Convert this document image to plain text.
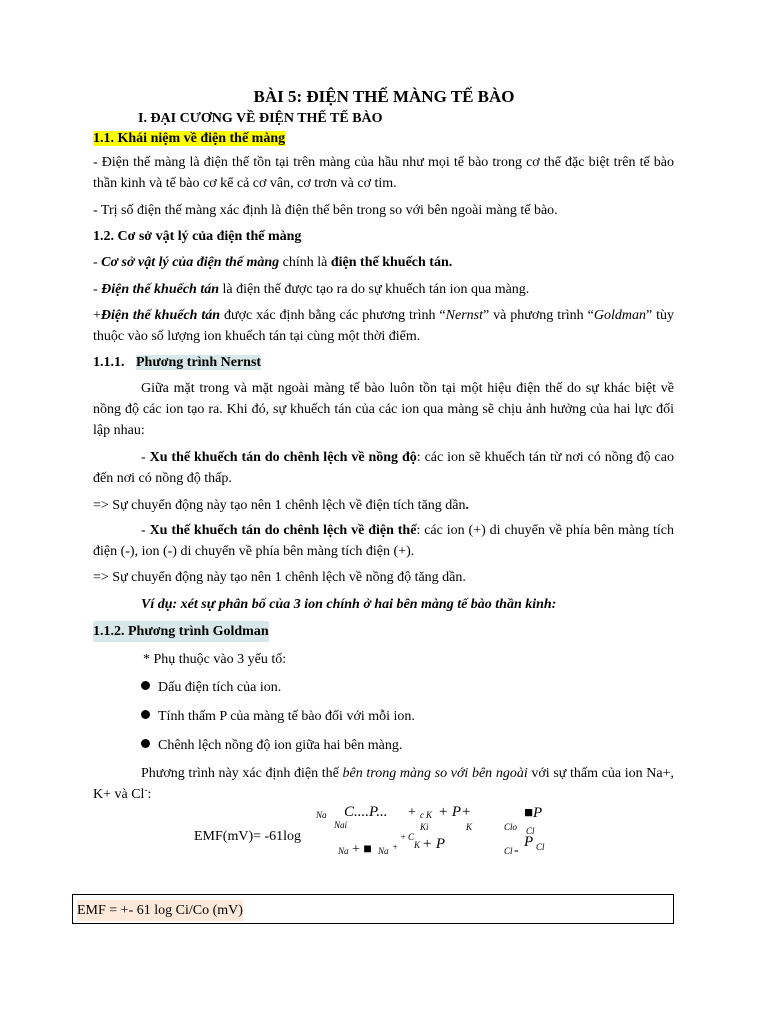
BÀI 5: ĐIỆN THẾ MÀNG TẾ BÀO
I. ĐẠI CƯƠNG VỀ ĐIỆN THẾ TẾ BÀO
1.1. Khái niệm về điện thế màng
- Điện thế màng là điện thế tồn tại trên màng của hầu như mọi tế bào trong cơ thể đặc biệt trên tế bào thần kinh và tế bào cơ kể cả cơ vân, cơ trơn và cơ tim.
- Trị số điện thế màng xác định là điện thế bên trong so với bên ngoài màng tế bào.
1.2. Cơ sở vật lý của điện thế màng
- Cơ sở vật lý của điện thế màng chính là điện thế khuếch tán.
- Điện thế khuếch tán là điện thế được tạo ra do sự khuếch tán ion qua màng.
+Điện thế khuếch tán được xác định bằng các phương trình “Nernst” và phương trình “Goldman” tùy thuộc vào số lượng ion khuếch tán tại cùng một thời điểm.
1.1.1. Phương trình Nernst
Giữa mặt trong và mặt ngoài màng tế bào luôn tồn tại một hiệu điện thế do sự khác biệt về nồng độ các ion tạo ra. Khi đó, sự khuếch tán của các ion qua màng sẽ chịu ảnh hưởng của hai lực đối lập nhau:
- Xu thế khuếch tán do chênh lệch về nồng độ: các ion sẽ khuếch tán từ nơi có nồng độ cao đến nơi có nồng độ thấp.
=> Sự chuyển động này tạo nên 1 chênh lệch về điện tích tăng dần.
- Xu thế khuếch tán do chênh lệch về điện thế: các ion (+) di chuyển về phía bên màng tích điện (-), ion (-) di chuyển về phía bên màng tích điện (+).
=> Sự chuyển động này tạo nên 1 chênh lệch về nồng độ tăng dần.
Ví dụ: xét sự phân bố của 3 ion chính ở hai bên màng tế bào thần kinh:
1.1.2. Phương trình Goldman
* Phụ thuộc vào 3 yếu tố:
Dấu điện tích của ion.
Tính thấm P của màng tế bào đối với mỗi ion.
Chênh lệch nồng độ ion giữa hai bên màng.
Phương trình này xác định điện thế bên trong màng so với bên ngoài với sự thấm của ion Na+, K+ và Cl-:
EMF(mV)= -61log
C....P... + c K + P+	■P
Na
Nai	Ki	K	Clo Cl
Na + ■ Na +
+ C
K + P	Cl -
P Cl
EMF = +- 61 log Ci/Co (mV)
